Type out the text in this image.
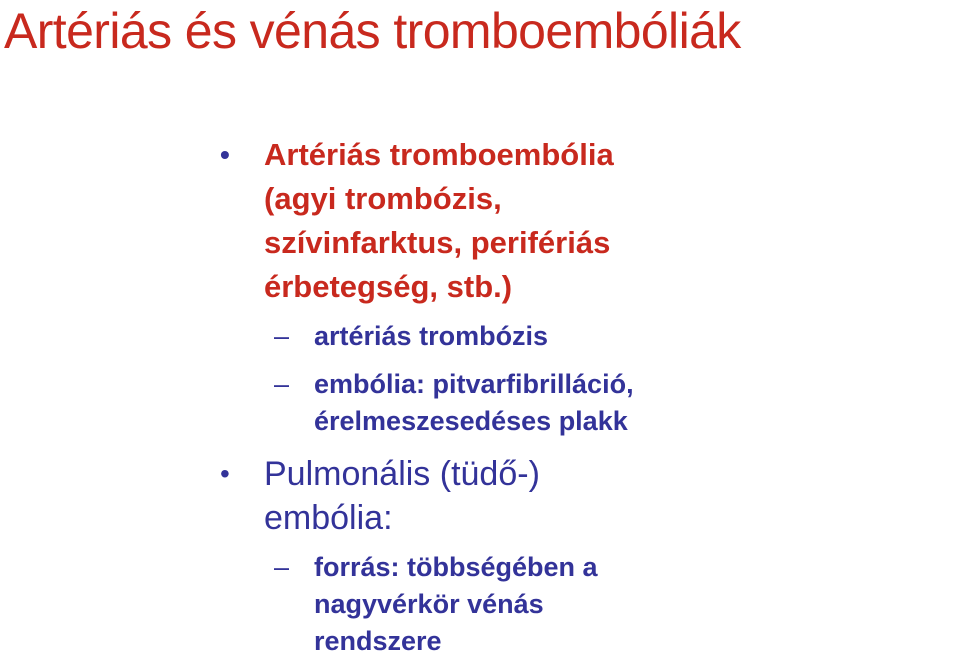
Artériás és vénás tromboembóliák
• Artériás tromboembólia
(agyi trombózis,
szívinfarktus, perifériás
érbetegség, stb.)
– artériás trombózis
– embólia: pitvarfibrilláció,
érelmeszesedéses plakk
• Pulmonális (tüdő-)
embólia:
– forrás: többségében a
nagyvérkör vénás
rendszere
